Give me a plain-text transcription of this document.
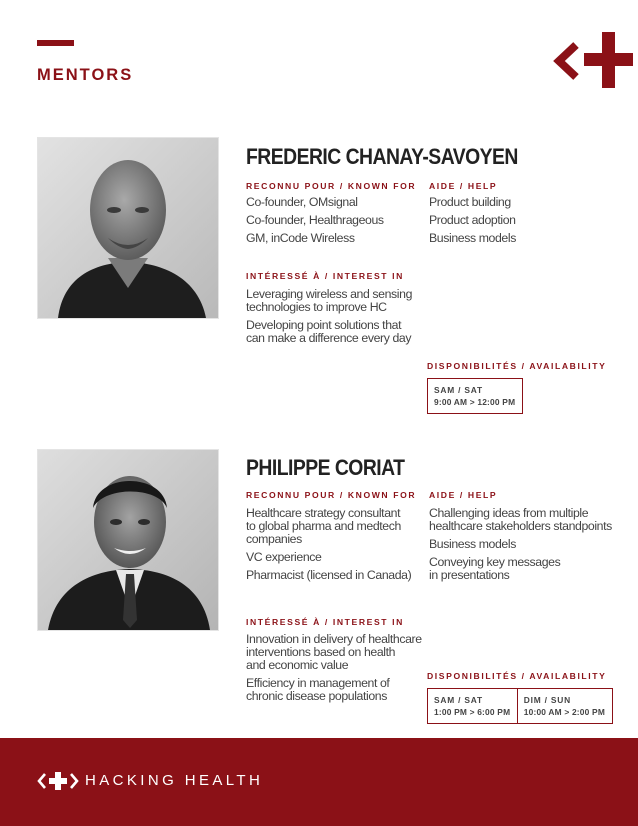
MENTORS
FREDERIC CHANAY-SAVOYEN

RECONNU POUR / KNOWN FOR

Co-founder, OMsignal
Co-founder, Healthrageous
GM, inCode Wireless

AIDE / HELP

Product building
Product adoption
Business models

INTÉRESSÉ À / INTEREST IN

Leveraging wireless and sensing
technologies to improve HC
Developing point solutions that
can make a difference every day

DISPONIBILITÉS / AVAILABILITY

SAM / SAT
9:00 AM > 12:00 PM
PHILIPPE CORIAT

RECONNU POUR / KNOWN FOR

Healthcare strategy consultant
to global pharma and medtech
companies
VC experience
Pharmacist (licensed in Canada)

AIDE / HELP

Challenging ideas from multiple
healthcare stakeholders standpoints
Business models
Conveying key messages
in presentations

INTÉRESSÉ À / INTEREST IN

Innovation in delivery of healthcare
interventions based on health
and economic value
Efficiency in management of
chronic disease populations

DISPONIBILITÉS / AVAILABILITY

SAM / SAT
1:00 PM > 6:00 PM
DIM / SUN
10:00 AM > 2:00 PM
HACKING HEALTH
